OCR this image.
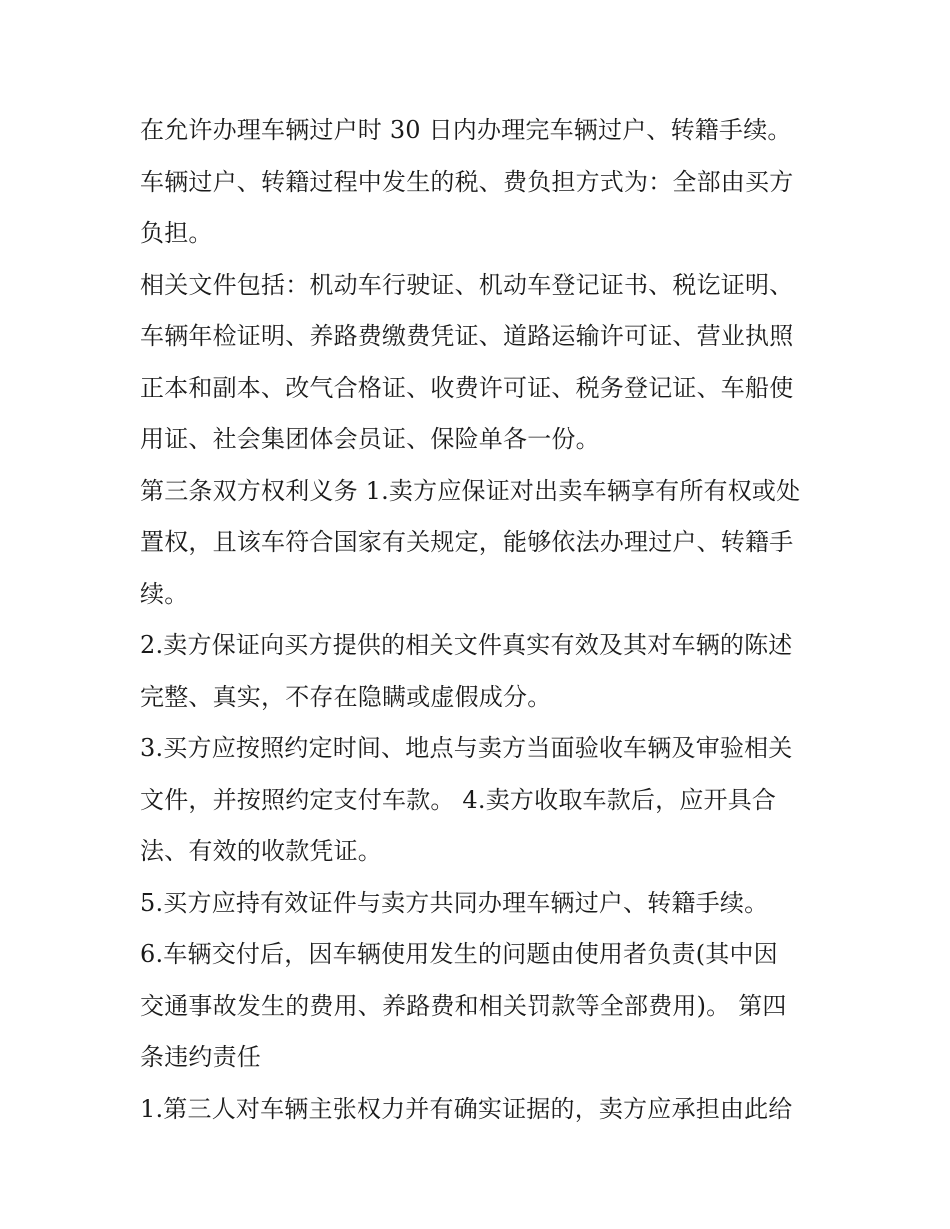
在允许办理车辆过户时 30 日内办理完车辆过户、转籍手续。
车辆过户、转籍过程中发生的税、费负担方式为：全部由买方
负担。
相关文件包括：机动车行驶证、机动车登记证书、税讫证明、
车辆年检证明、养路费缴费凭证、道路运输许可证、营业执照
正本和副本、改气合格证、收费许可证、税务登记证、车船使
用证、社会集团体会员证、保险单各一份。
第三条双方权利义务 1.卖方应保证对出卖车辆享有所有权或处
置权，且该车符合国家有关规定，能够依法办理过户、转籍手
续。
2.卖方保证向买方提供的相关文件真实有效及其对车辆的陈述
完整、真实，不存在隐瞒或虚假成分。
3.买方应按照约定时间、地点与卖方当面验收车辆及审验相关
文件，并按照约定支付车款。 4.卖方收取车款后，应开具合
法、有效的收款凭证。
5.买方应持有效证件与卖方共同办理车辆过户、转籍手续。
6.车辆交付后，因车辆使用发生的问题由使用者负责(其中因
交通事故发生的费用、养路费和相关罚款等全部费用)。 第四
条违约责任
1.第三人对车辆主张权力并有确实证据的，卖方应承担由此给
